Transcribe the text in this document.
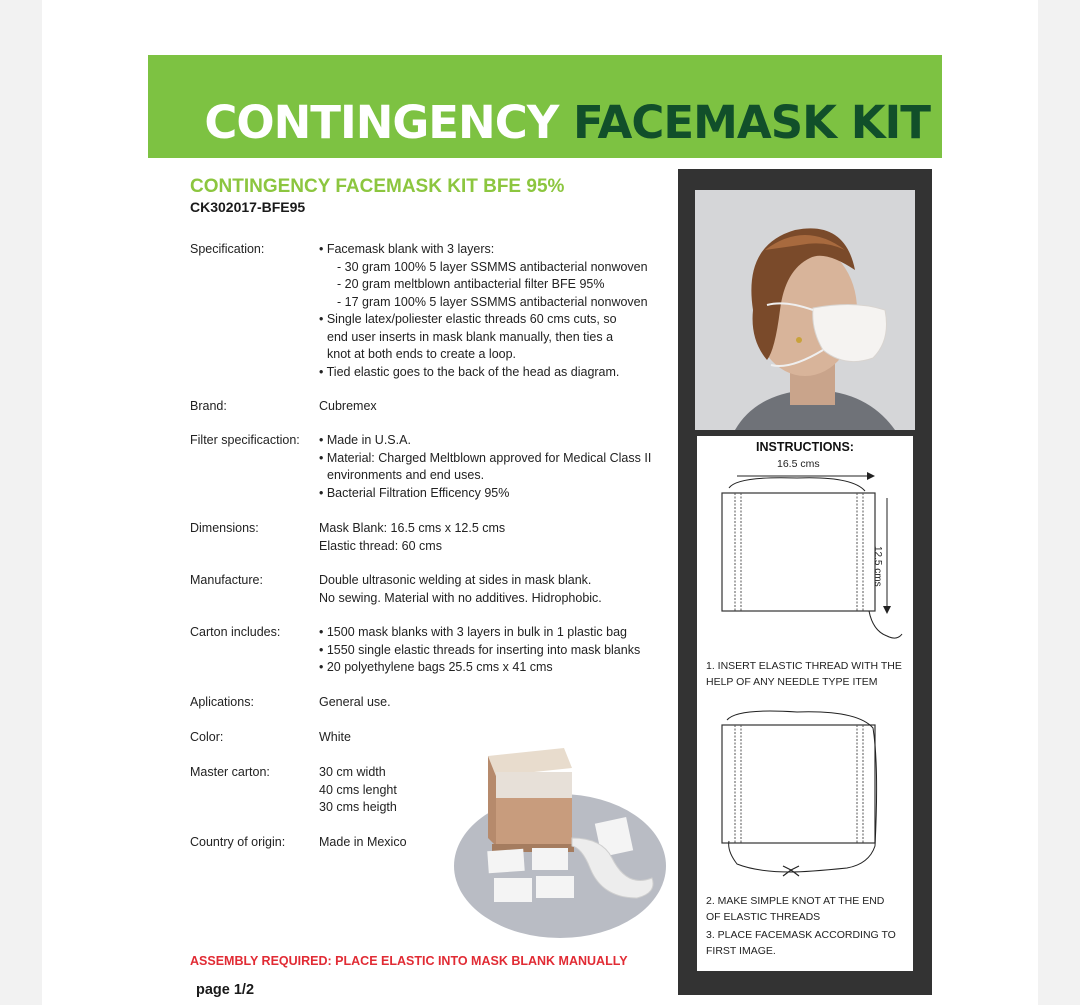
CONTINGENCY FACEMASK KIT
CONTINGENCY FACEMASK KIT BFE 95%
CK302017-BFE95
Specification:	• Facemask blank with 3 layers:
- 30 gram 100% 5 layer SSMMS antibacterial nonwoven
- 20 gram meltblown antibacterial filter BFE 95%
- 17 gram 100% 5 layer SSMMS antibacterial nonwoven
• Single latex/poliester elastic threads 60 cms cuts, so
end user inserts in mask blank manually, then ties a
knot at both ends to create a loop.
• Tied elastic goes to the back of the head as diagram.
Brand:	Cubremex
Filter specificaction: • Made in U.S.A.
• Material: Charged Meltblown approved for Medical Class II
environments and end uses.
• Bacterial Filtration Efficency 95%
Dimensions:	Mask Blank: 16.5 cms x 12.5 cms
Elastic thread: 60 cms
Manufacture:	Double ultrasonic welding at sides in mask blank.
No sewing. Material with no additives. Hidrophobic.
Carton includes:	• 1500 mask blanks with 3 layers in bulk in 1 plastic bag
• 1550 single elastic threads for inserting into mask blanks
• 20 polyethylene bags 25.5 cms x 41 cms
Aplications:	General use.
Color:	White
Master carton:	30 cm width
40 cms lenght
30 cms heigth
Country of origin:	Made in Mexico
ASSEMBLY REQUIRED: PLACE ELASTIC INTO MASK BLANK MANUALLY
page 1/2
INSTRUCTIONS:
16.5 cms
12.5 cms
1. INSERT ELASTIC THREAD WITH THE
HELP OF ANY NEEDLE TYPE ITEM
2. MAKE SIMPLE KNOT AT THE END
OF ELASTIC THREADS
3. PLACE FACEMASK ACCORDING TO
FIRST IMAGE.
